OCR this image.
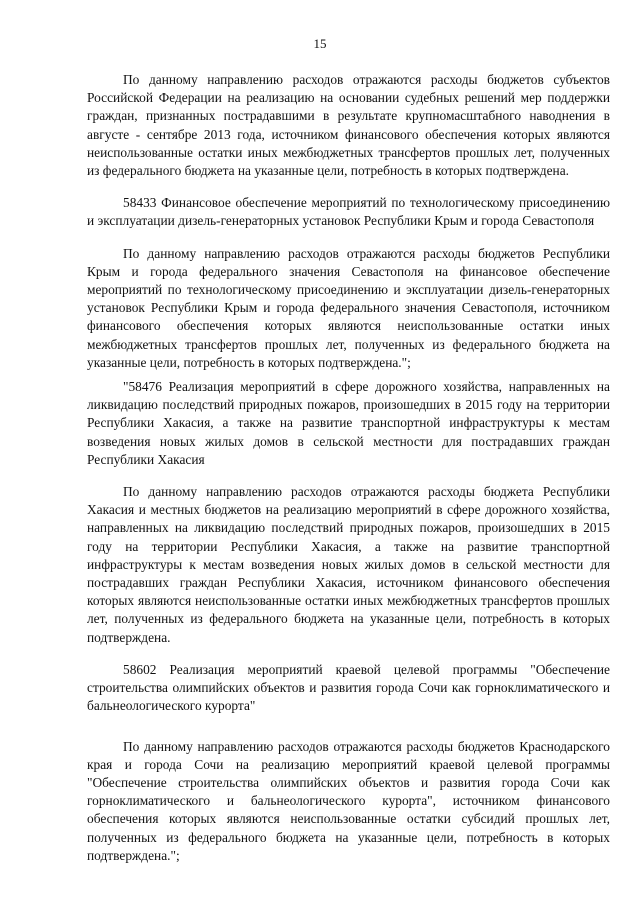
15

По данному направлению расходов отражаются расходы бюджетов субъектов Российской Федерации на реализацию на основании судебных решений мер поддержки граждан, признанных пострадавшими в результате крупномасштабного наводнения в августе - сентябре 2013 года, источником финансового обеспечения которых являются неиспользованные остатки иных межбюджетных трансфертов прошлых лет, полученных из федерального бюджета на указанные цели, потребность в которых подтверждена.

58433 Финансовое обеспечение мероприятий по технологическому присоединению и эксплуатации дизель-генераторных установок Республики Крым и города Севастополя

По данному направлению расходов отражаются расходы бюджетов Республики Крым и города федерального значения Севастополя на финансовое обеспечение мероприятий по технологическому присоединению и эксплуатации дизель-генераторных установок Республики Крым и города федерального значения Севастополя, источником финансового обеспечения которых являются неиспользованные остатки иных межбюджетных трансфертов прошлых лет, полученных из федерального бюджета на указанные цели, потребность в которых подтверждена.";

"58476 Реализация мероприятий в сфере дорожного хозяйства, направленных на ликвидацию последствий природных пожаров, произошедших в 2015 году на территории Республики Хакасия, а также на развитие транспортной инфраструктуры к местам возведения новых жилых домов в сельской местности для пострадавших граждан Республики Хакасия

По данному направлению расходов отражаются расходы бюджета Республики Хакасия и местных бюджетов на реализацию мероприятий в сфере дорожного хозяйства, направленных на ликвидацию последствий природных пожаров, произошедших в 2015 году на территории Республики Хакасия, а также на развитие транспортной инфраструктуры к местам возведения новых жилых домов в сельской местности для пострадавших граждан Республики Хакасия, источником финансового обеспечения которых являются неиспользованные остатки иных межбюджетных трансфертов прошлых лет, полученных из федерального бюджета на указанные цели, потребность в которых подтверждена.

58602 Реализация мероприятий краевой целевой программы "Обеспечение строительства олимпийских объектов и развития города Сочи как горноклиматического и бальнеологического курорта"

По данному направлению расходов отражаются расходы бюджетов Краснодарского края и города Сочи на реализацию мероприятий краевой целевой программы "Обеспечение строительства олимпийских объектов и развития города Сочи как горноклиматического и бальнеологического курорта", источником финансового обеспечения которых являются неиспользованные остатки субсидий прошлых лет, полученных из федерального бюджета на указанные цели, потребность в которых подтверждена.";
